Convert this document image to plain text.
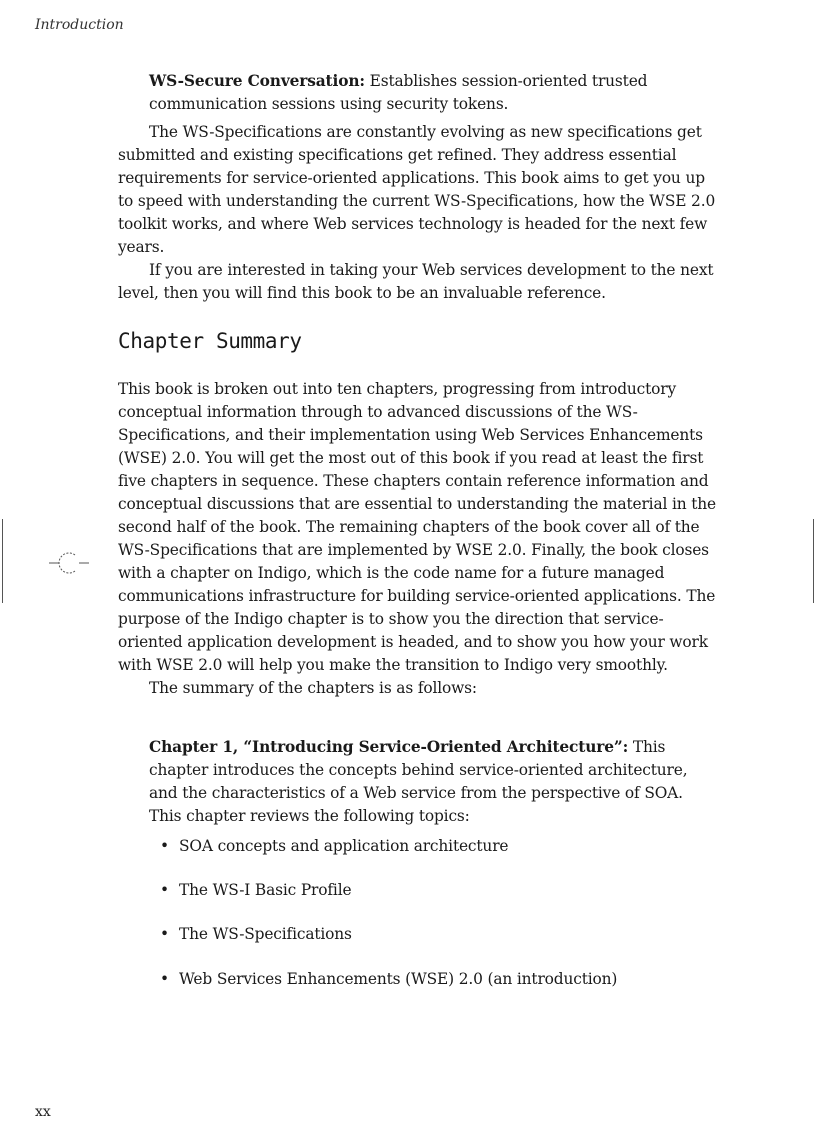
Introduction
xx

WS-Secure Conversation: Establishes session-oriented trusted communication sessions using security tokens.

The WS-Specifications are constantly evolving as new specifications get submitted and existing specifications get refined. They address essential requirements for service-oriented applications. This book aims to get you up to speed with understanding the current WS-Specifications, how the WSE 2.0 toolkit works, and where Web services technology is headed for the next few years.

If you are interested in taking your Web services development to the next level, then you will find this book to be an invaluable reference.

Chapter Summary

This book is broken out into ten chapters, progressing from introductory conceptual information through to advanced discussions of the WS-Specifications, and their implementation using Web Services Enhancements (WSE) 2.0. You will get the most out of this book if you read at least the first five chapters in sequence. These chapters contain reference information and conceptual discussions that are essential to understanding the material in the second half of the book. The remaining chapters of the book cover all of the WS-Specifications that are implemented by WSE 2.0. Finally, the book closes with a chapter on Indigo, which is the code name for a future managed communications infrastructure for building service-oriented applications. The purpose of the Indigo chapter is to show you the direction that service-oriented application development is headed, and to show you how your work with WSE 2.0 will help you make the transition to Indigo very smoothly.

The summary of the chapters is as follows:

Chapter 1, “Introducing Service-Oriented Architecture”: This chapter introduces the concepts behind service-oriented architecture, and the characteristics of a Web service from the perspective of SOA. This chapter reviews the following topics:

• SOA concepts and application architecture
• The WS-I Basic Profile
• The WS-Specifications
• Web Services Enhancements (WSE) 2.0 (an introduction)
